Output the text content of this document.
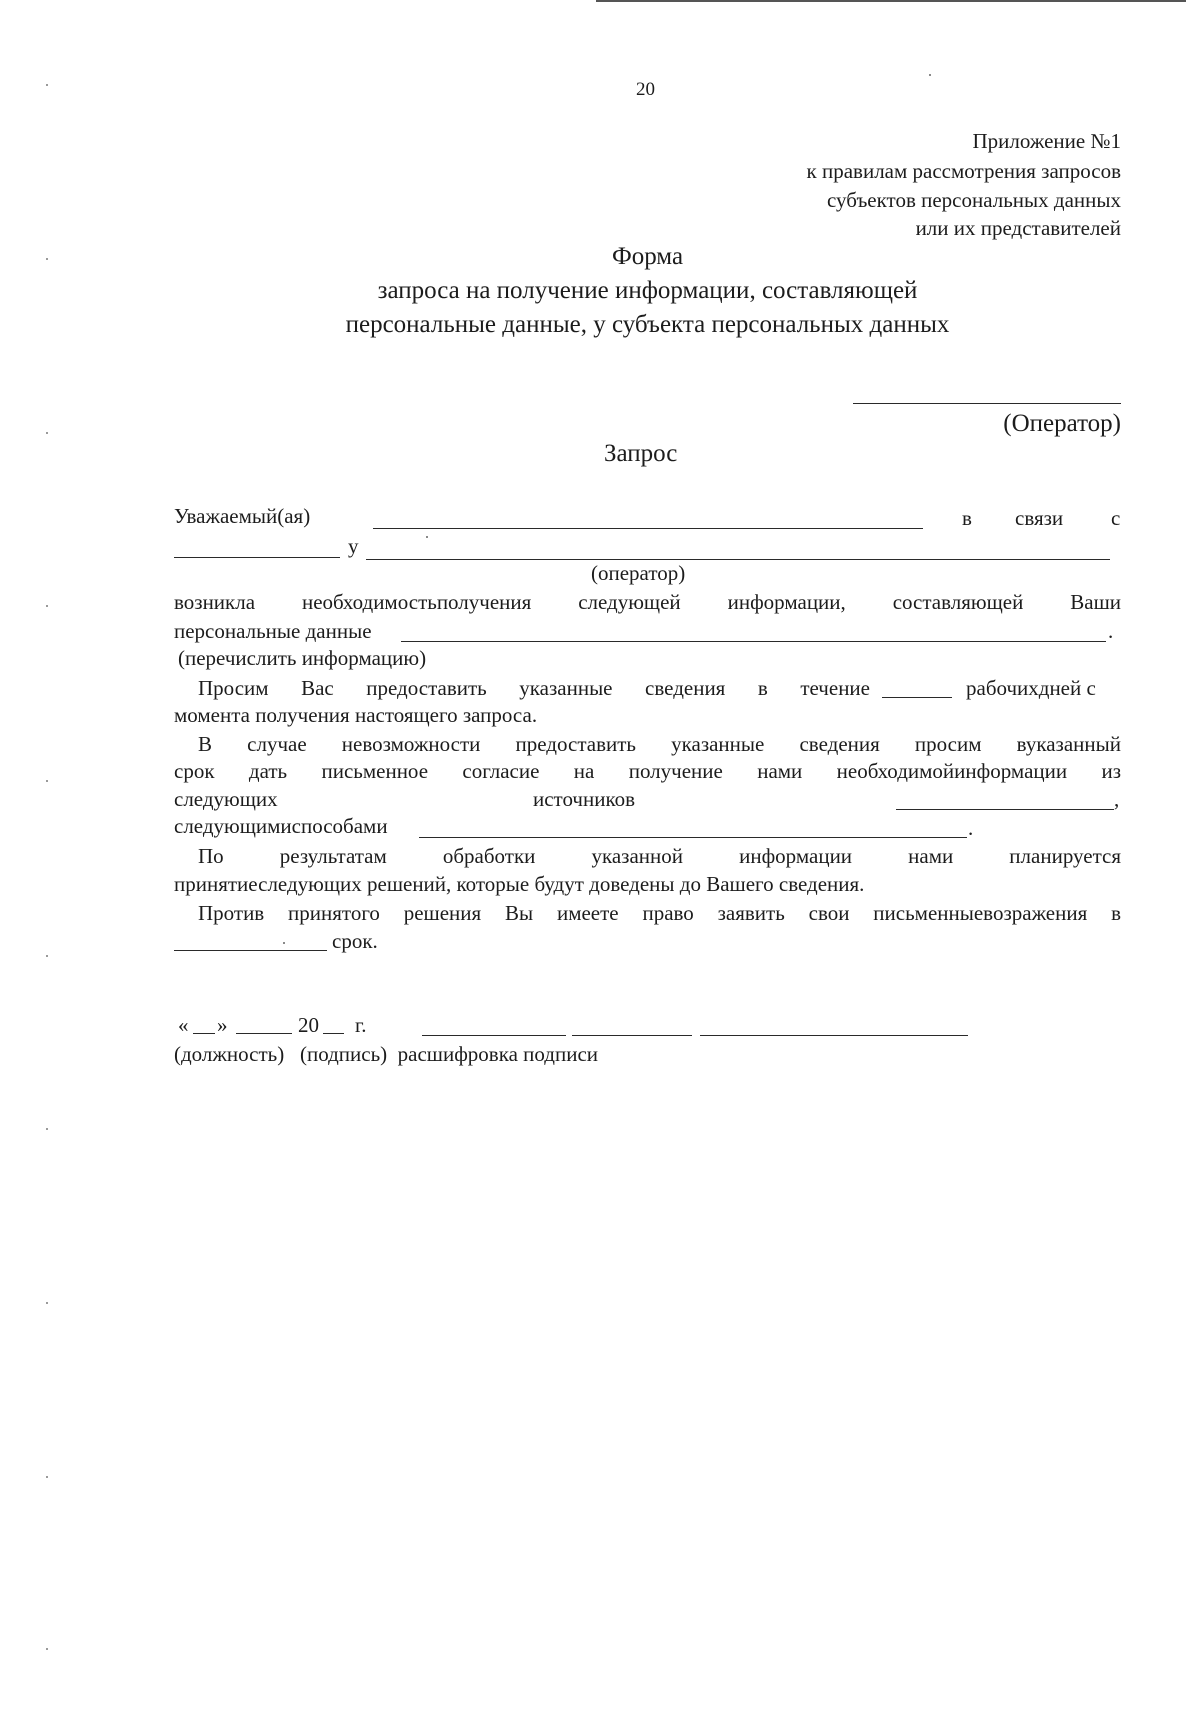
20
Приложение №1
к правилам рассмотрения запросов
субъектов персональных данных
или их представителей
Форма
запроса на получение информации, составляющей
персональные данные, у субъекта персональных данных
(Оператор)
Запрос
Уважаемый(ая)	в связи с
у
(оператор)
возникла необходимостьполучения следующей информации, составляющей Ваши
персональные данные	.
(перечислить информацию)
Просим Вас предоставить указанные сведения в течение	рабочихдней с
момента получения настоящего запроса.
В случае невозможности предоставить указанные сведения просим вуказанный
срок дать письменное согласие на получение нами необходимойинформации из
следующих	источников	,
следующимиспособами	.
По результатам обработки указанной информации нами планируется
принятиеследующих решений, которые будут доведены до Вашего сведения.
Против принятого решения Вы имеете право заявить свои письменныевозражения в
срок.
« »	20 г.
(должность)   (подпись)  расшифровка подписи
